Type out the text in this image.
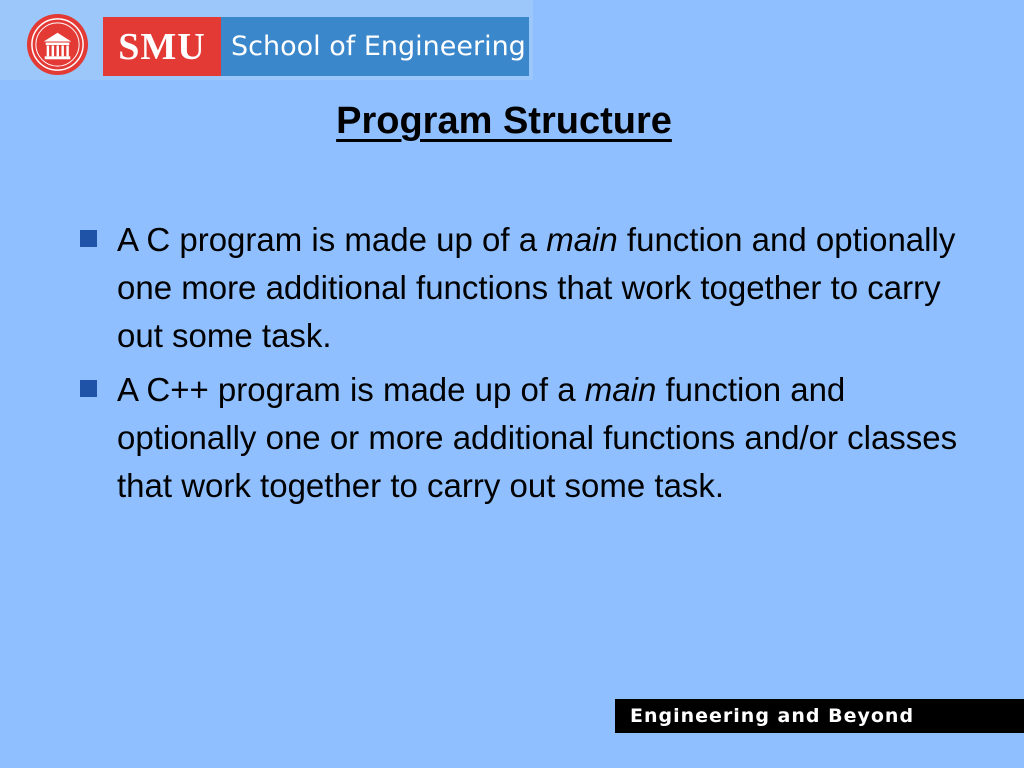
SMU School of Engineering
Program Structure
A C program is made up of a main function and optionally one more additional functions that work together to carry out some task.
A C++ program is made up of a main function and optionally one or more additional functions and/or classes that work together to carry out some task.
Engineering and Beyond
